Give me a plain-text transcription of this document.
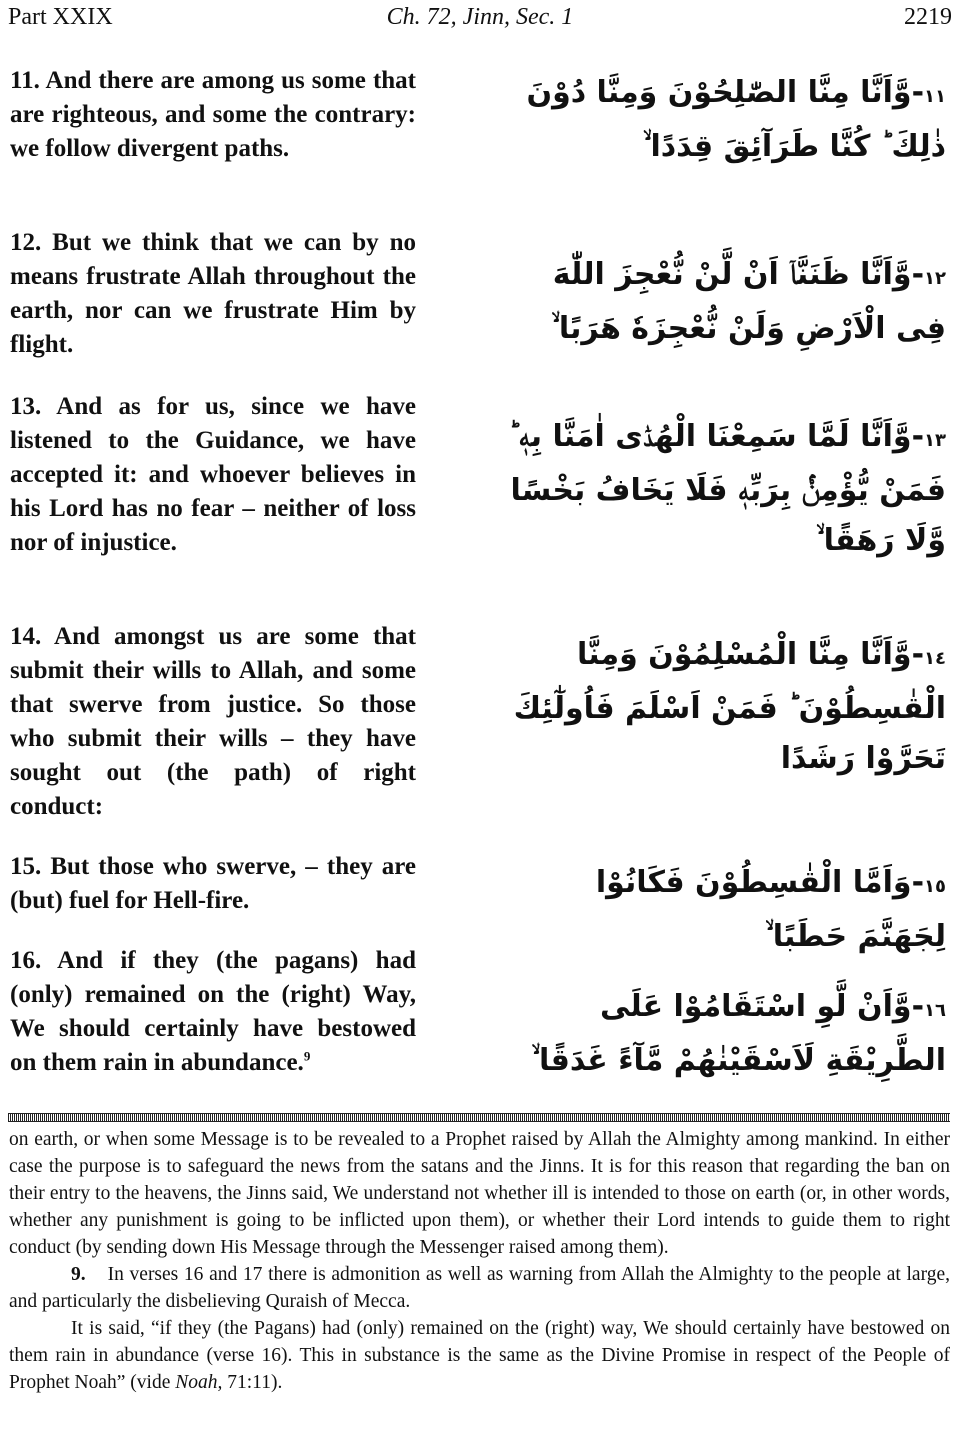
Part XXIX	Ch. 72, Jinn, Sec. 1	2219
11. And there are among us some that are righteous, and some the contrary: we follow divergent paths.
١١-وَّاَنَّا مِنَّا الصّٰلِحُوْنَ وَمِنَّا دُوْنَ ذٰلِكَ ؕ كُنَّا طَرَآئِقَ قِدَدًا ۙ
12. But we think that we can by no means frustrate Allah throughout the earth, nor can we frustrate Him by flight.
١٢-وَّاَنَّا ظَنَنَّاۤ اَنْ لَّنْ نُّعْجِزَ اللّٰهَ فِى الْاَرْضِ وَلَنْ نُّعْجِزَهٗ هَرَبًا ۙ
13. And as for us, since we have listened to the Guidance, we have accepted it: and whoever believes in his Lord has no fear – neither of loss nor of injustice.
١٣-وَّاَنَّا لَمَّا سَمِعْنَا الْهُدٰۤى اٰمَنَّا بِهٖ ؕ فَمَنْ يُّؤْمِنْۢ بِرَبِّهٖ فَلَا يَخَافُ بَخْسًا وَّلَا رَهَقًا ۙ
14. And amongst us are some that submit their wills to Allah, and some that swerve from justice. So those who submit their wills – they have sought out (the path) of right conduct:
١٤-وَّاَنَّا مِنَّا الْمُسْلِمُوْنَ وَمِنَّا الْقٰسِطُوْنَ ؕ فَمَنْ اَسْلَمَ فَاُولٰٓئِكَ تَحَرَّوْا رَشَدًا
15. But those who swerve, – they are (but) fuel for Hell-fire.
١٥-وَاَمَّا الْقٰسِطُوْنَ فَكَانُوْا لِجَهَنَّمَ حَطَبًا ۙ
16. And if they (the pagans) had (only) remained on the (right) Way, We should certainly have bestowed on them rain in abundance.$^9$
١٦-وَّاَنْ لَّوِ اسْتَقَامُوْا عَلَى الطَّرِيْقَةِ لَاَسْقَيْنٰهُمْ مَّآءً غَدَقًا ۙ

on earth, or when some Message is to be revealed to a Prophet raised by Allah the Almighty among mankind. In either case the purpose is to safeguard the news from the satans and the Jinns. It is for this reason that regarding the ban on their entry to the heavens, the Jinns said, We understand not whether ill is intended to those on earth (or, in other words, whether any punishment is going to be inflicted upon them), or whether their Lord intends to guide them to right conduct (by sending down His Message through the Messenger raised among them).

9. In verses 16 and 17 there is admonition as well as warning from Allah the Almighty to the people at large, and particularly the disbelieving Quraish of Mecca.

It is said, “if they (the Pagans) had (only) remained on the (right) way, We should certainly have bestowed on them rain in abundance (verse 16). This in substance is the same as the Divine Promise in respect of the People of Prophet Noah” (vide Noah, 71:11).
